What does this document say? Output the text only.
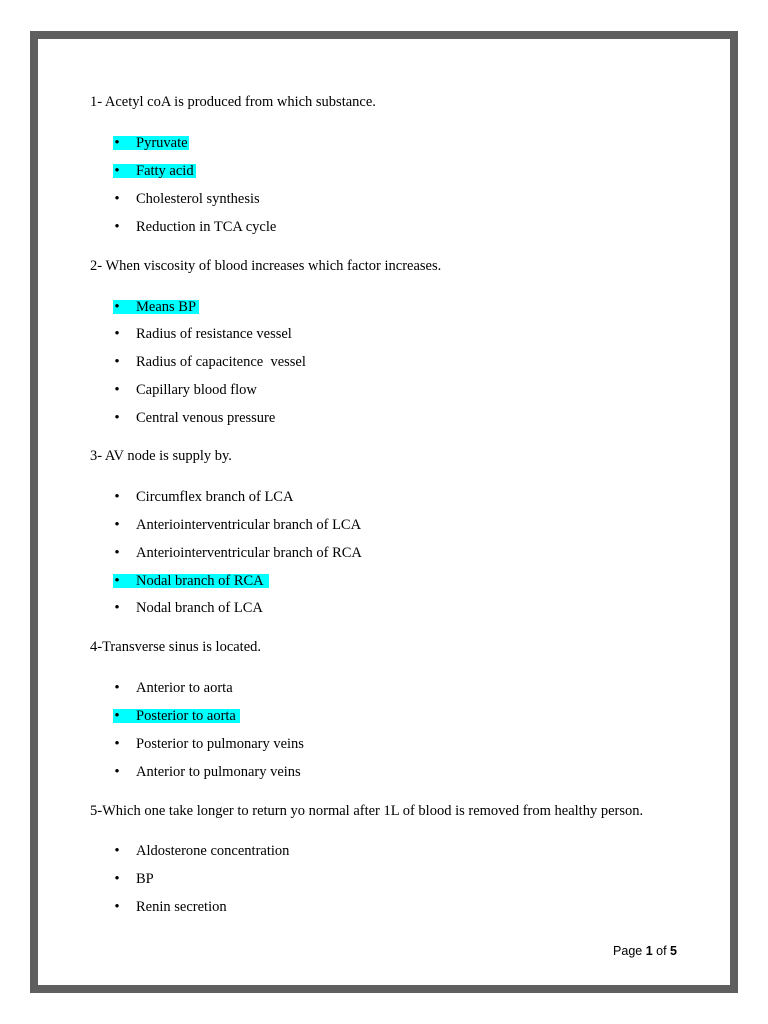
1- Acetyl coA is produced from which substance.
• Pyruvate
• Fatty acid
• Cholesterol synthesis
• Reduction in TCA cycle
2- When viscosity of blood increases which factor increases.
• Means BP
• Radius of resistance vessel
• Radius of capacitence  vessel
• Capillary blood flow
• Central venous pressure
3- AV node is supply by.
• Circumflex branch of LCA
• Anteriointerventricular branch of LCA
• Anteriointerventricular branch of RCA
• Nodal branch of RCA
• Nodal branch of LCA
4-Transverse sinus is located.
• Anterior to aorta
• Posterior to aorta
• Posterior to pulmonary veins
• Anterior to pulmonary veins
5-Which one take longer to return yo normal after 1L of blood is removed from healthy person.
• Aldosterone concentration
• BP
• Renin secretion
Page 1 of 5
